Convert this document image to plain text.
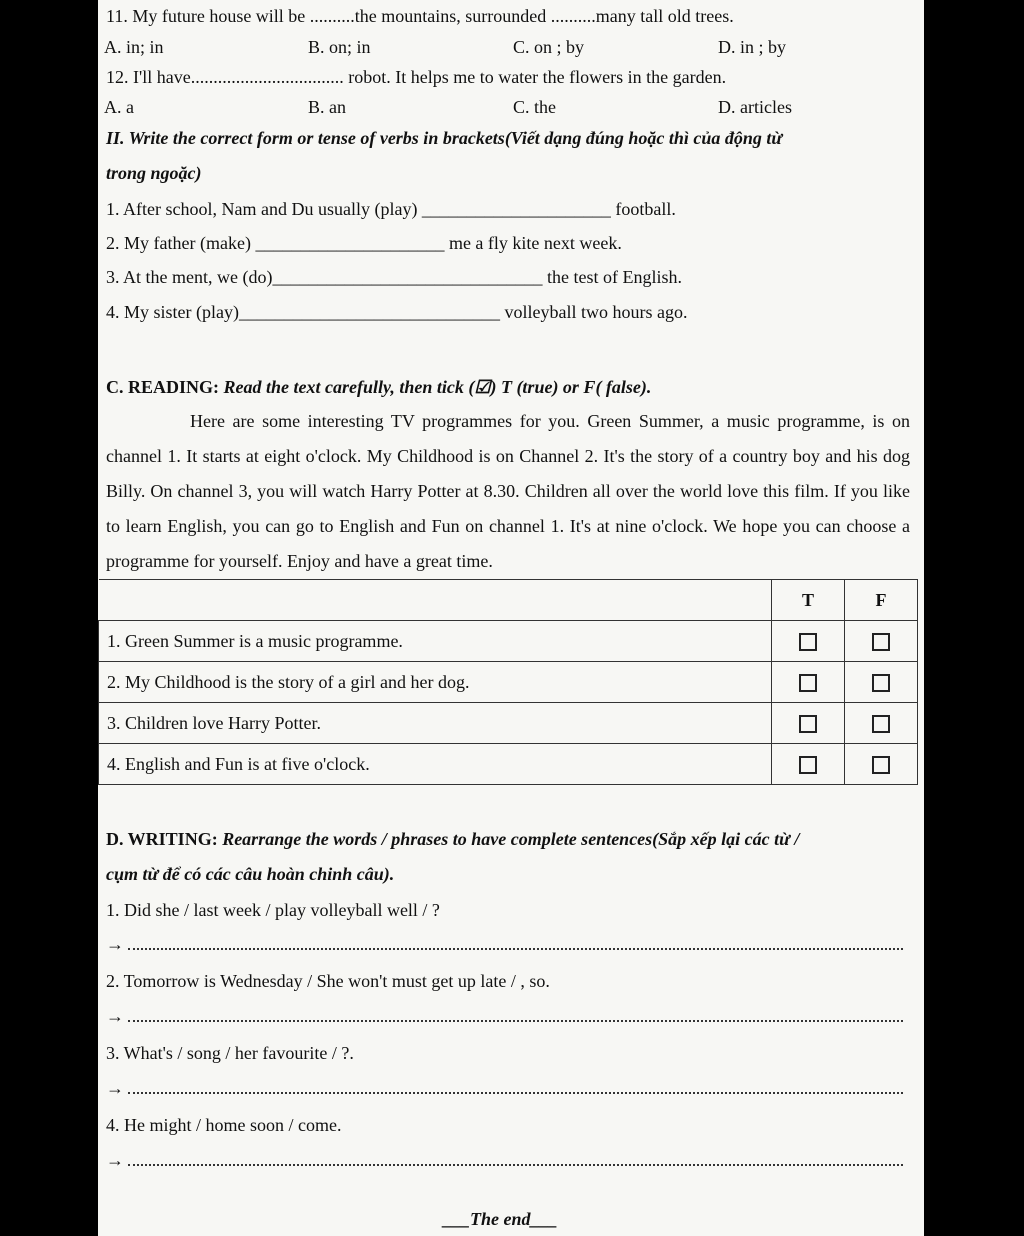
11. My future house will be ..........the mountains, surrounded ..........many tall old trees.
A. in; in	B. on; in	C. on ; by	D. in ; by
12. I'll have.................................. robot. It helps me to water the flowers in the garden.
A. a	B. an	C. the	D. articles
II. Write the correct form or tense of verbs in brackets(Viết dạng đúng hoặc thì của động từ
trong ngoặc)
1. After school, Nam and Du usually (play) _____________________ football.
2. My father (make) _____________________ me a fly kite next week.
3. At the ment, we (do)______________________________ the test of English.
4. My sister (play)_____________________________ volleyball two hours ago.
C. READING: Read the text carefully, then tick (☑) T (true) or F( false).
Here are some interesting TV programmes for you. Green Summer, a music programme, is on channel 1. It starts at eight o'clock. My Childhood is on Channel 2. It's the story of a country boy and his dog Billy. On channel 3, you will watch Harry Potter at 8.30. Children all over the world love this film. If you like to learn English, you can go to English and Fun on channel 1. It's at nine o'clock. We hope you can choose a programme for yourself. Enjoy and have a great time.
	T	F
1. Green Summer is a music programme.		
2. My Childhood is the story of a girl and her dog.		
3. Children love Harry Potter.		
4. English and Fun is at five o'clock.		
D. WRITING: Rearrange the words / phrases to have complete sentences(Sắp xếp lại các từ /
cụm từ để có các câu hoàn chinh câu).
1. Did she / last week / play volleyball well / ?
→
2. Tomorrow is Wednesday / She won't must get up late / , so.
→
3. What's / song / her favourite / ?.
→
4. He might / home soon / come.
→
___The end___
